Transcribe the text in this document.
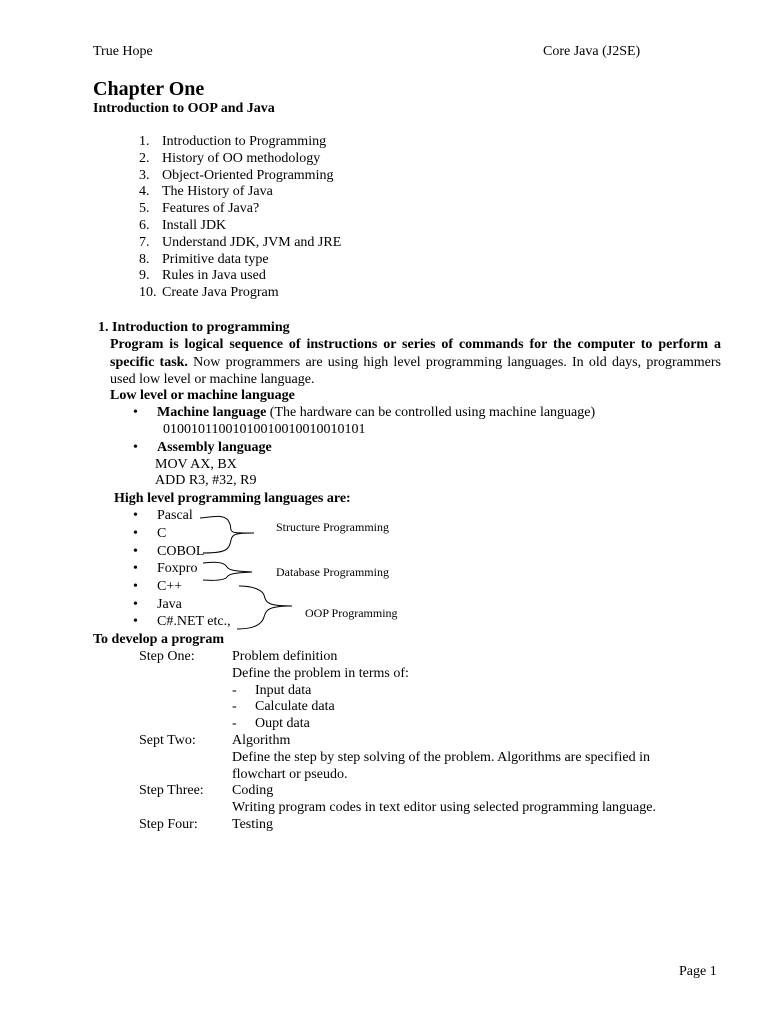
True Hope	Core Java (J2SE)
Chapter One
Introduction to OOP and Java
1. Introduction to Programming
2. History of OO methodology
3. Object-Oriented Programming
4. The History of Java
5. Features of Java?
6. Install JDK
7. Understand JDK, JVM and JRE
8. Primitive data type
9. Rules in Java used
10. Create Java Program
1. Introduction to programming

Program is logical sequence of instructions or series of commands for the computer to perform a specific task. Now programmers are using high level programming languages. In old days, programmers used low level or machine language.

Low level or machine language
• Machine language (The hardware can be controlled using machine language)
01001011001010010010010010101
• Assembly language
MOV AX, BX
ADD R3, #32, R9
High level programming languages are:
• Pascal
• C
• COBOL
• Foxpro
• C++
• Java
• C#.NET etc.,
Structure Programming
Database Programming
OOP Programming
To develop a program
Step One:	Problem definition
Define the problem in terms of:
- Input data
- Calculate data
- Oupt data
Sept Two:	Algorithm
Define the step by step solving of the problem. Algorithms are specified in
flowchart or pseudo.
Step Three: Coding
Writing program codes in text editor using selected programming language.
Step Four: Testing
Page 1
